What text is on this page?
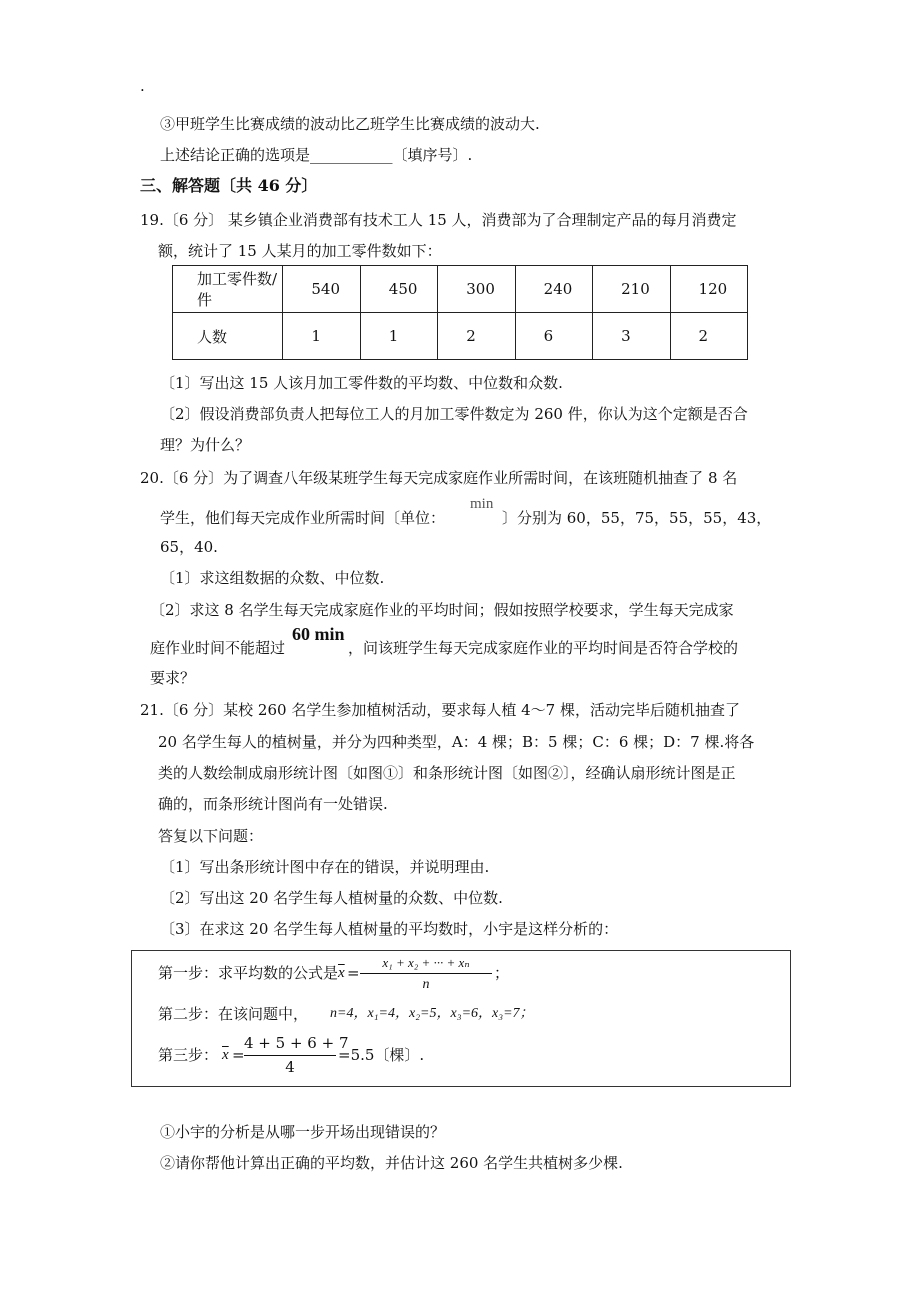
.
③甲班学生比赛成绩的波动比乙班学生比赛成绩的波动大.
上述结论正确的选项是___________〔填序号〕.
三、解答题〔共 46 分〕
19.〔6 分〕 某乡镇企业消费部有技术工人 15 人，消费部为了合理制定产品的每月消费定
额，统计了 15 人某月的加工零件数如下：
加工零件数/件	540	450	300	240	210	120
人数	1	1	2	6	3	2
〔1〕写出这 15 人该月加工零件数的平均数、中位数和众数.
〔2〕假设消费部负责人把每位工人的月加工零件数定为 260 件，你认为这个定额是否合
理？为什么？
20.〔6 分〕为了调查八年级某班学生每天完成家庭作业所需时间，在该班随机抽查了 8 名
学生，他们每天完成作业所需时间〔单位：
min
〕分别为 60，55，75，55，55，43，
65，40.
〔1〕求这组数据的众数、中位数.
〔2〕求这 8 名学生每天完成家庭作业的平均时间；假如按照学校要求，学生每天完成家
庭作业时间不能超过
60 min
，问该班学生每天完成家庭作业的平均时间是否符合学校的
要求？
21.〔6 分〕某校 260 名学生参加植树活动，要求每人植 4～7 棵，活动完毕后随机抽查了
20 名学生每人的植树量，并分为四种类型，A：4 棵；B：5 棵；C：6 棵；D：7 棵.将各
类的人数绘制成扇形统计图〔如图①〕和条形统计图〔如图②〕，经确认扇形统计图是正
确的，而条形统计图尚有一处错误.
答复以下问题：
〔1〕写出条形统计图中存在的错误，并说明理由.
〔2〕写出这 20 名学生每人植树量的众数、中位数.
〔3〕在求这 20 名学生每人植树量的平均数时，小宇是这样分析的：
第一步：求平均数的公式是 $\overline{x}$ =
x₁ + x₂ + ··· + xₙ
n
；
第二步：在该问题中， n=4，x₁=4，x₂=5，x₃=6，x₃=7；
第三步： $\overline{x}$ =
4 + 5 + 6 + 7
4
=5.5〔棵〕.
①小宇的分析是从哪一步开场出现错误的？
②请你帮他计算出正确的平均数，并估计这 260 名学生共植树多少棵.
